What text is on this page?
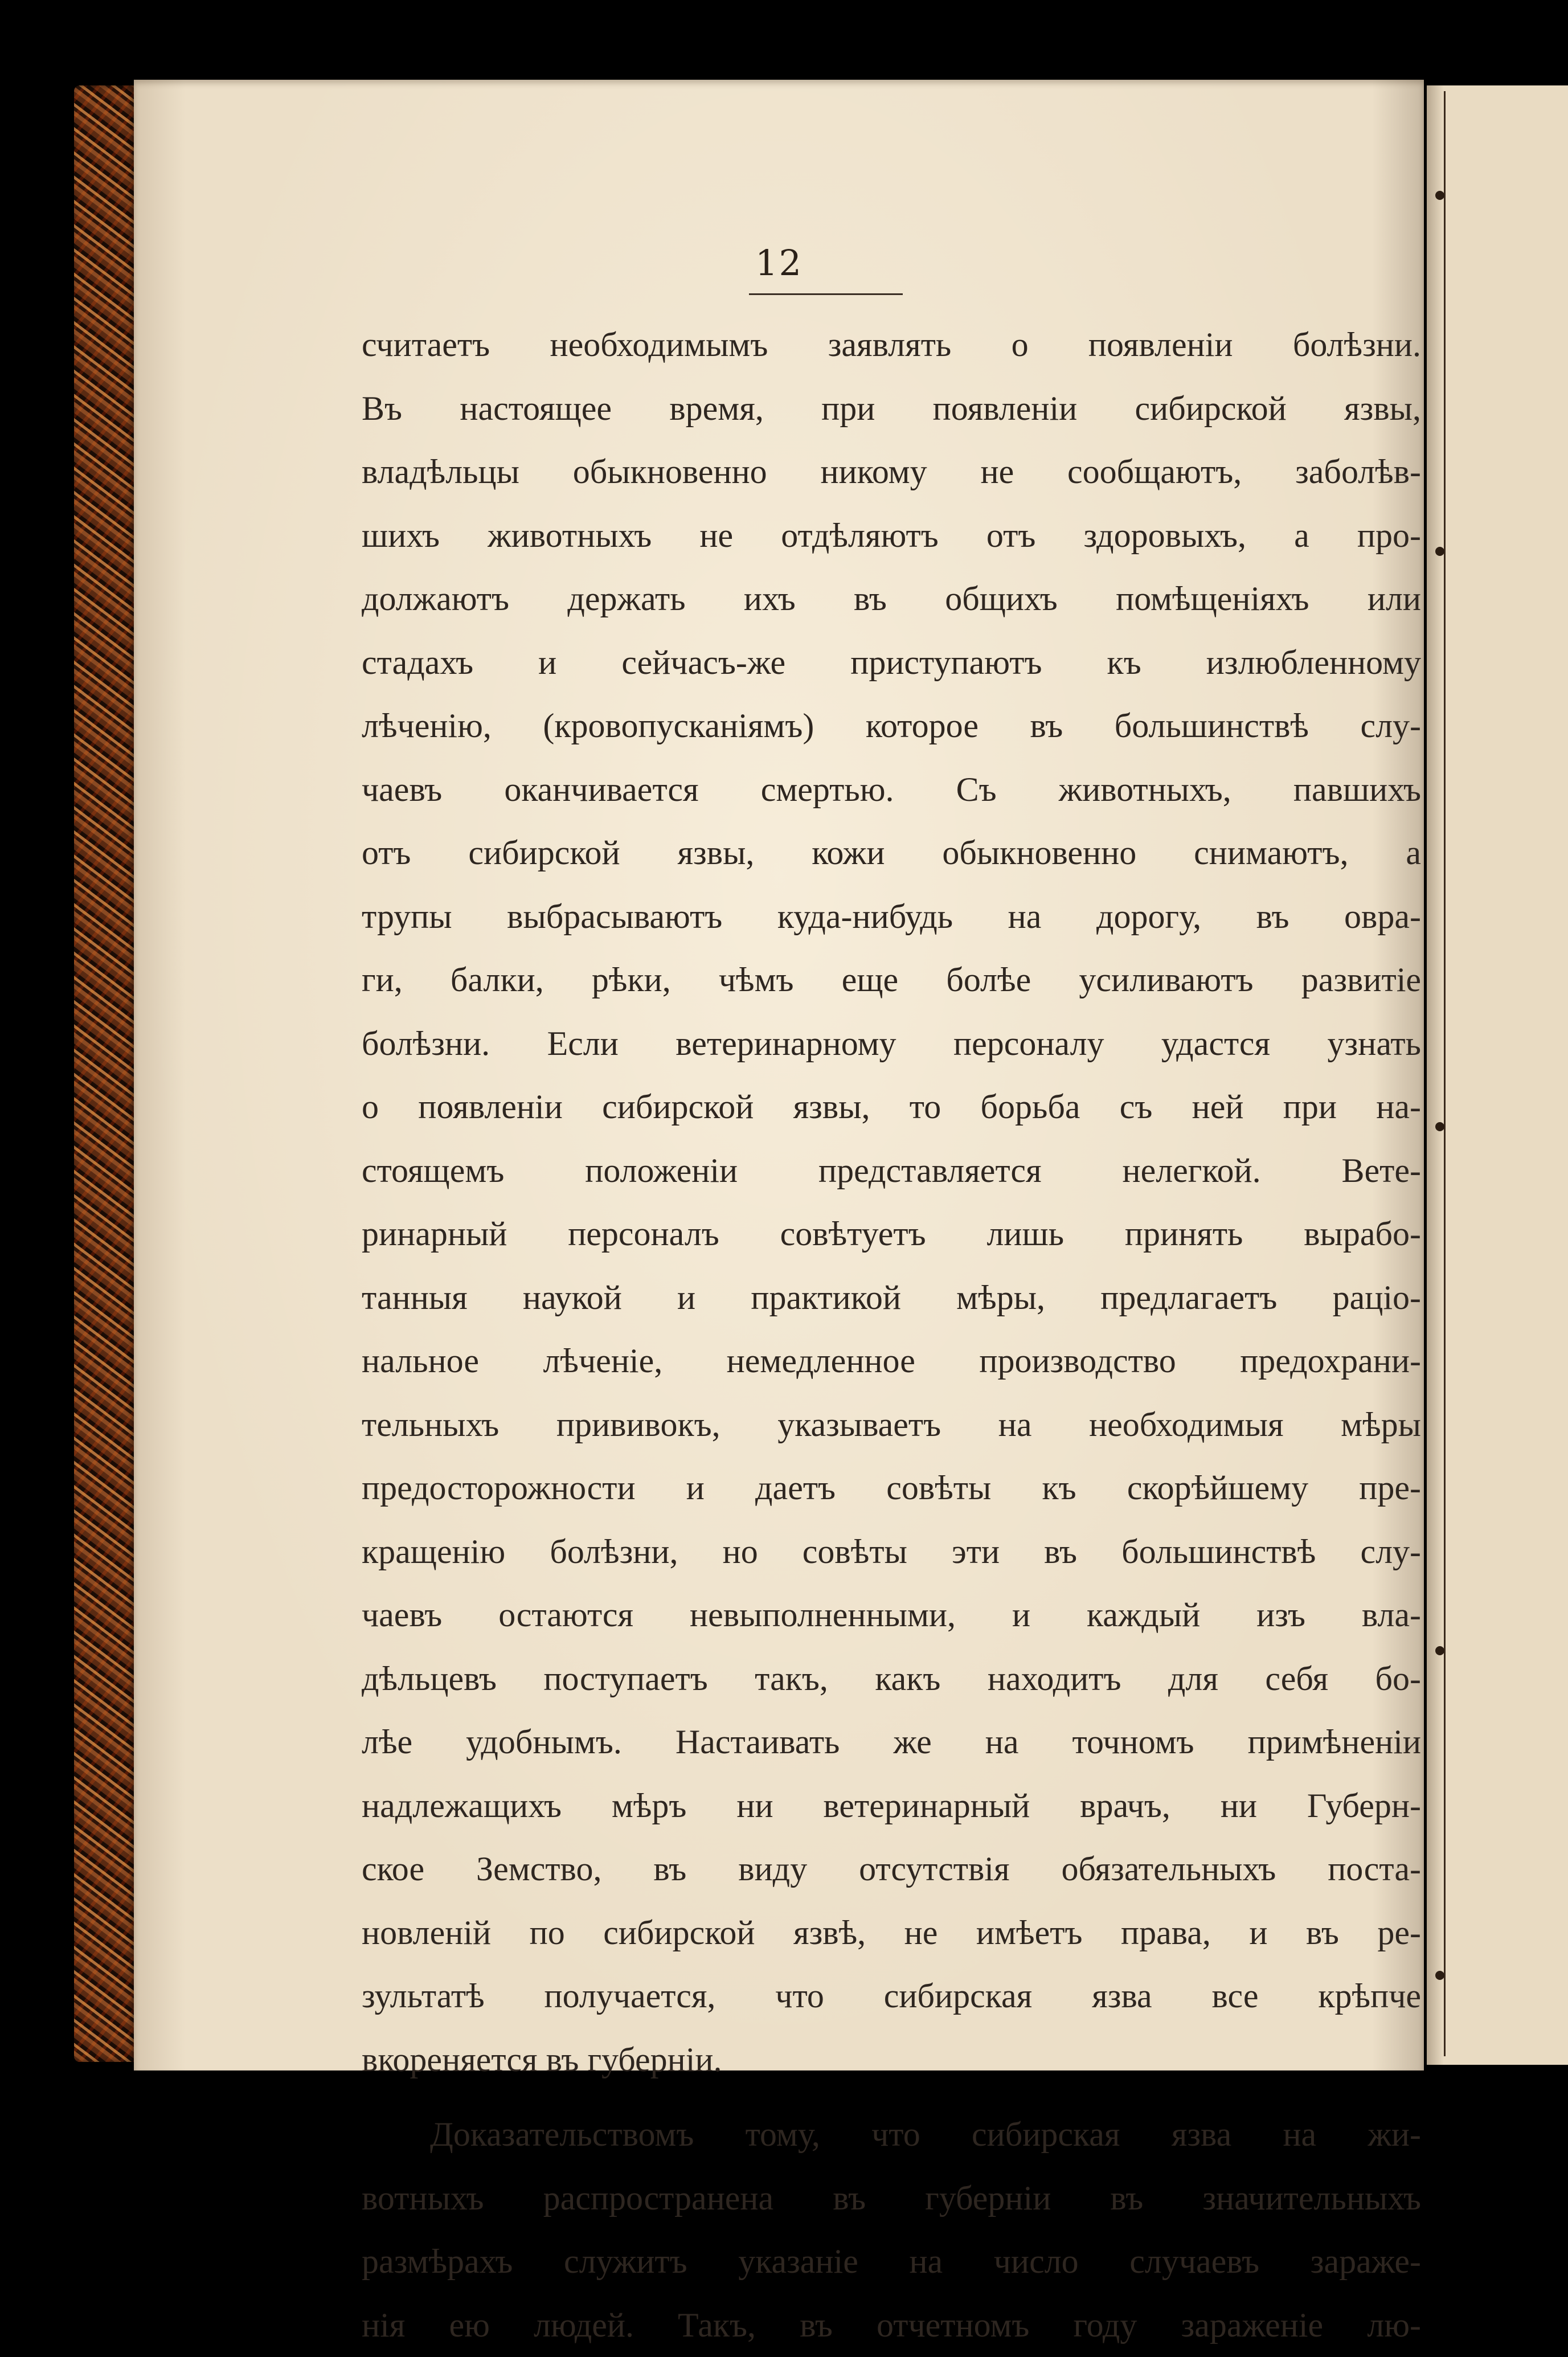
12
считаетъ необходимымъ заявлять о появленіи болѣзни.
Въ настоящее время, при появленіи сибирской язвы,
владѣльцы обыкновенно никому не сообщаютъ, заболѣв-
шихъ животныхъ не отдѣляютъ отъ здоровыхъ, а про-
должаютъ держать ихъ въ общихъ помѣщеніяхъ или
стадахъ и сейчасъ-же приступаютъ къ излюбленному
лѣченію, (кровопусканіямъ) которое въ большинствѣ слу-
чаевъ оканчивается смертью. Съ животныхъ, павшихъ
отъ сибирской язвы, кожи обыкновенно снимаютъ, а
трупы выбрасываютъ куда-нибудь на дорогу, въ овра-
ги, балки, рѣки, чѣмъ еще болѣе усиливаютъ развитіе
болѣзни. Если ветеринарному персоналу удастся узнать
о появленіи сибирской язвы, то борьба съ ней при на-
стоящемъ положеніи представляется нелегкой. Вете-
ринарный персоналъ совѣтуетъ лишь принять вырабо-
танныя наукой и практикой мѣры, предлагаетъ раціо-
нальное лѣченіе, немедленное производство предохрани-
тельныхъ прививокъ, указываетъ на необходимыя мѣры
предосторожности и даетъ совѣты къ скорѣйшему пре-
кращенію болѣзни, но совѣты эти въ большинствѣ слу-
чаевъ остаются невыполненными, и каждый изъ вла-
дѣльцевъ поступаетъ такъ, какъ находитъ для себя бо-
лѣе удобнымъ. Настаивать же на точномъ примѣненіи
надлежащихъ мѣръ ни ветеринарный врачъ, ни Губерн-
ское Земство, въ виду отсутствія обязательныхъ поста-
новленій по сибирской язвѣ, не имѣетъ права, и въ ре-
зультатѣ получается, что сибирская язва все крѣпче
вкореняется въ губерніи.
Доказательствомъ тому, что сибирская язва на жи-
вотныхъ распространена въ губерніи въ значительныхъ
размѣрахъ служитъ указаніе на число случаевъ зараже-
нія ею людей. Такъ, въ отчетномъ году зараженіе лю-
